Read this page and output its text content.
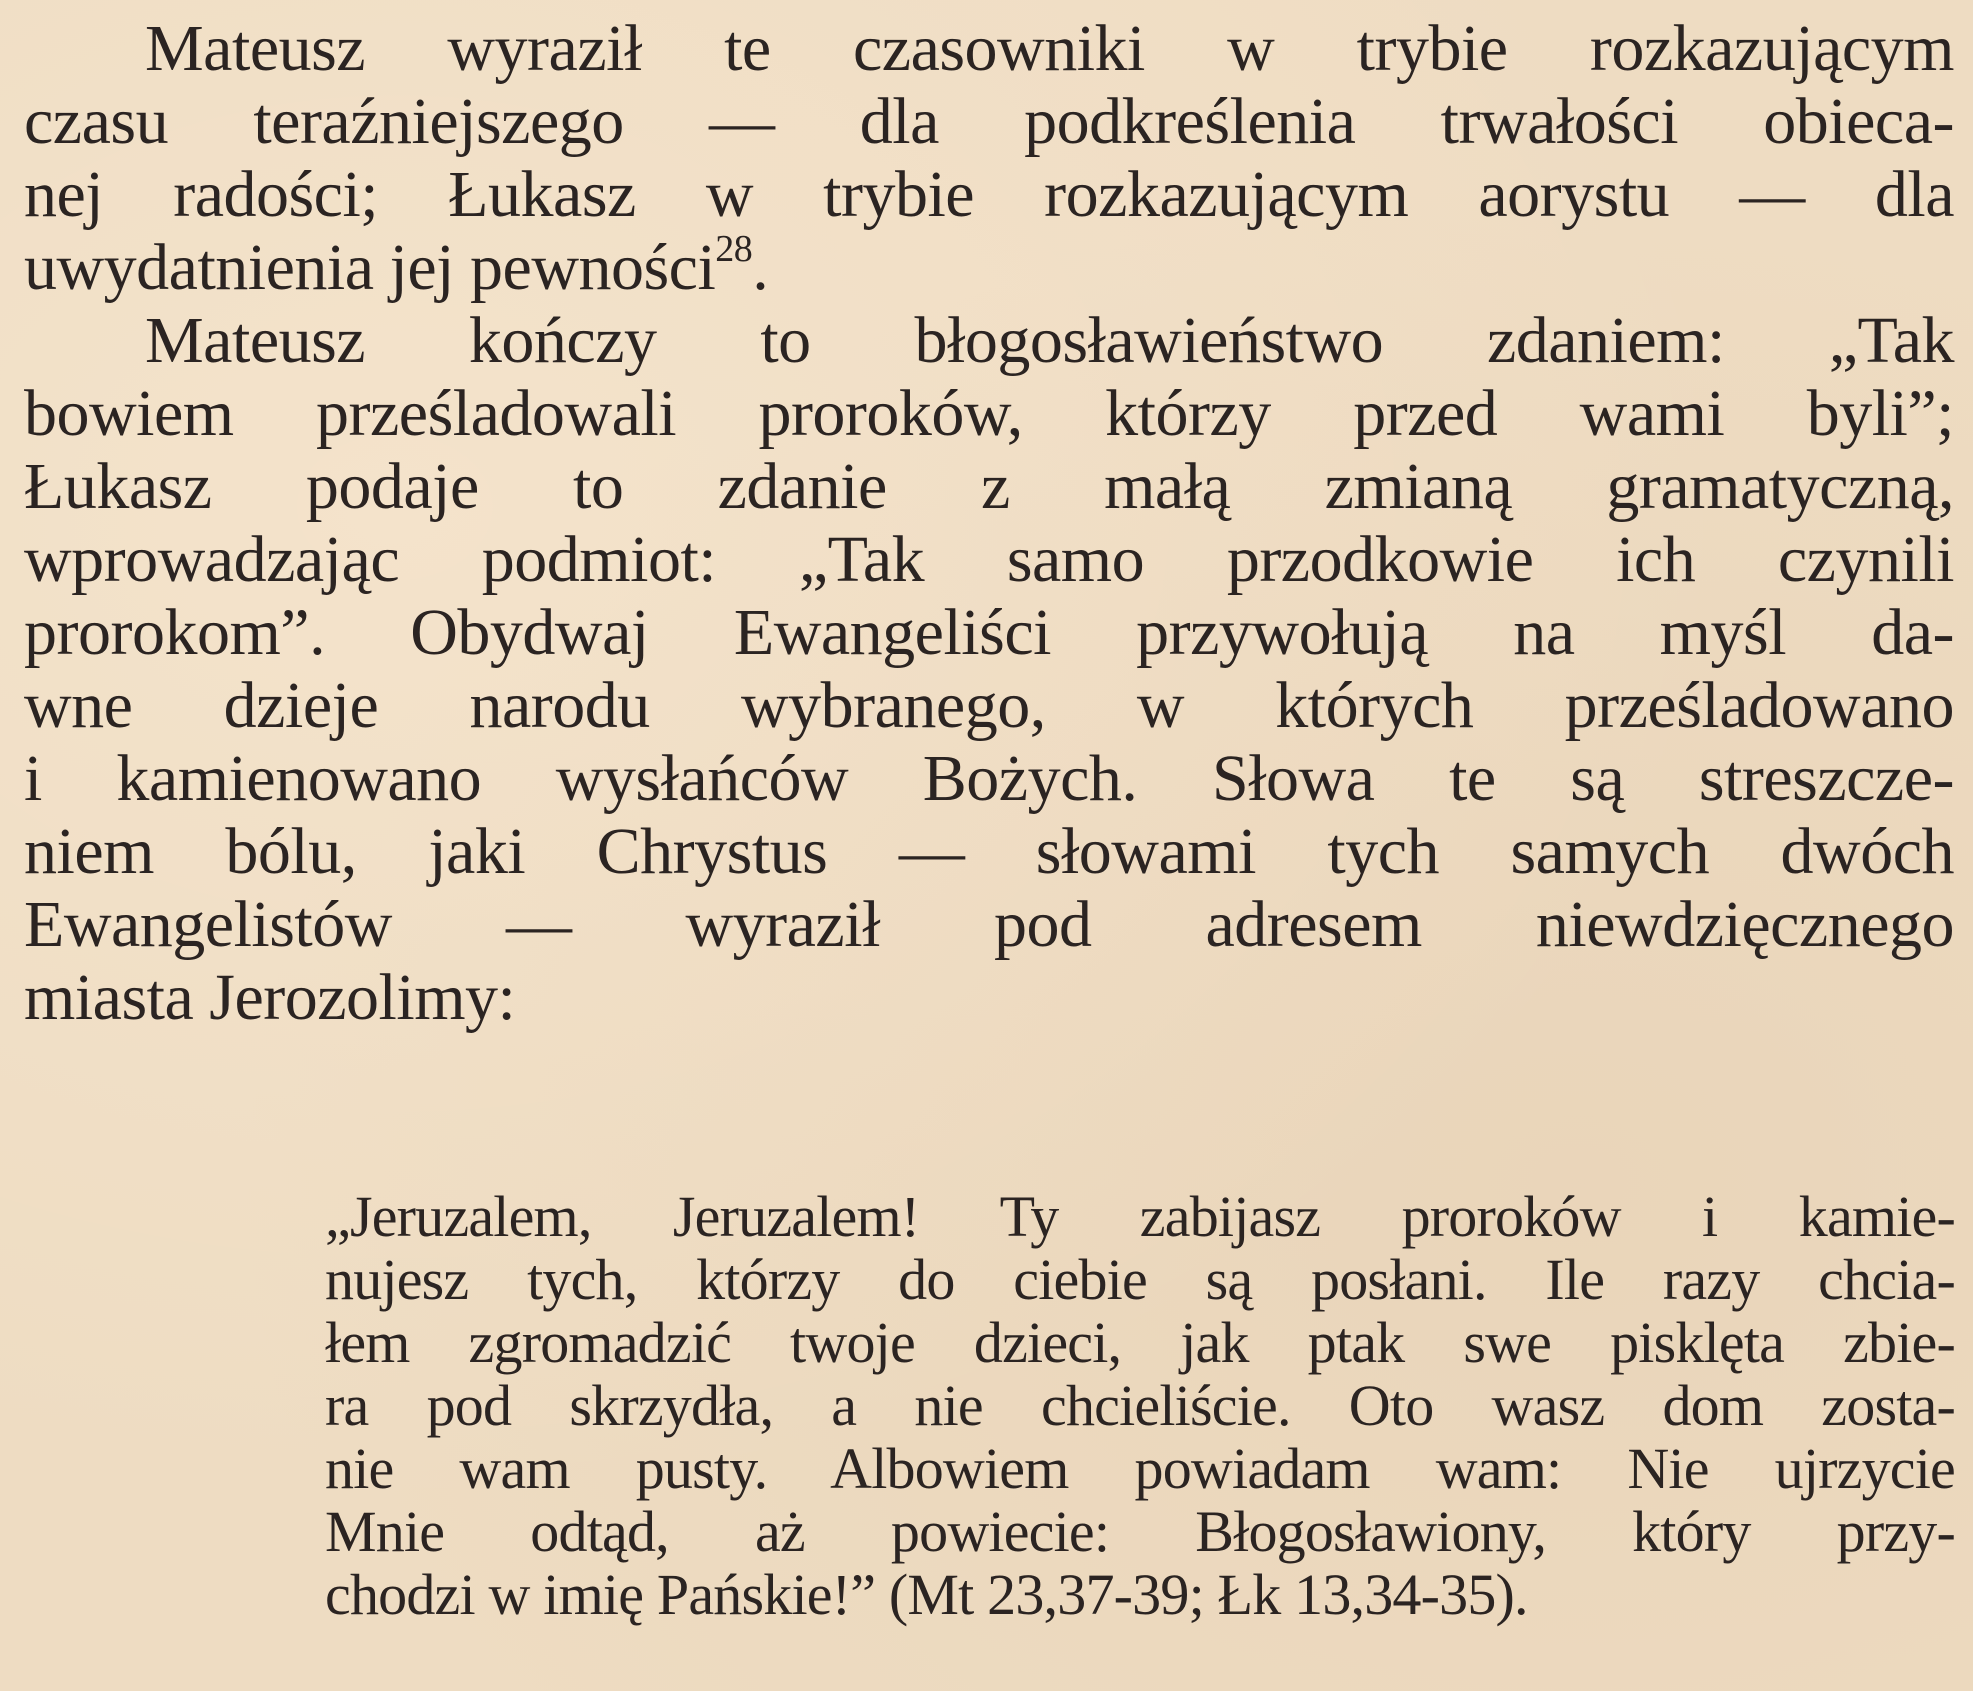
Mateusz wyraził te czasowniki w trybie rozkazującym
czasu teraźniejszego — dla podkreślenia trwałości obieca-
nej radości; Łukasz w trybie rozkazującym aorystu — dla
uwydatnienia jej pewności$^{28}$.
Mateusz kończy to błogosławieństwo zdaniem: „Tak
bowiem prześladowali proroków, którzy przed wami byli”;
Łukasz podaje to zdanie z małą zmianą gramatyczną,
wprowadzając podmiot: „Tak samo przodkowie ich czynili
prorokom”. Obydwaj Ewangeliści przywołują na myśl da-
wne dzieje narodu wybranego, w których prześladowano
i kamienowano wysłańców Bożych. Słowa te są streszcze-
niem bólu, jaki Chrystus — słowami tych samych dwóch
Ewangelistów — wyraził pod adresem niewdzięcznego
miasta Jerozolimy:
„Jeruzalem, Jeruzalem! Ty zabijasz proroków i kamie-
nujesz tych, którzy do ciebie są posłani. Ile razy chcia-
łem zgromadzić twoje dzieci, jak ptak swe pisklęta zbie-
ra pod skrzydła, a nie chcieliście. Oto wasz dom zosta-
nie wam pusty. Albowiem powiadam wam: Nie ujrzycie
Mnie odtąd, aż powiecie: Błogosławiony, który przy-
chodzi w imię Pańskie!” (Mt 23,37-39; Łk 13,34-35).
